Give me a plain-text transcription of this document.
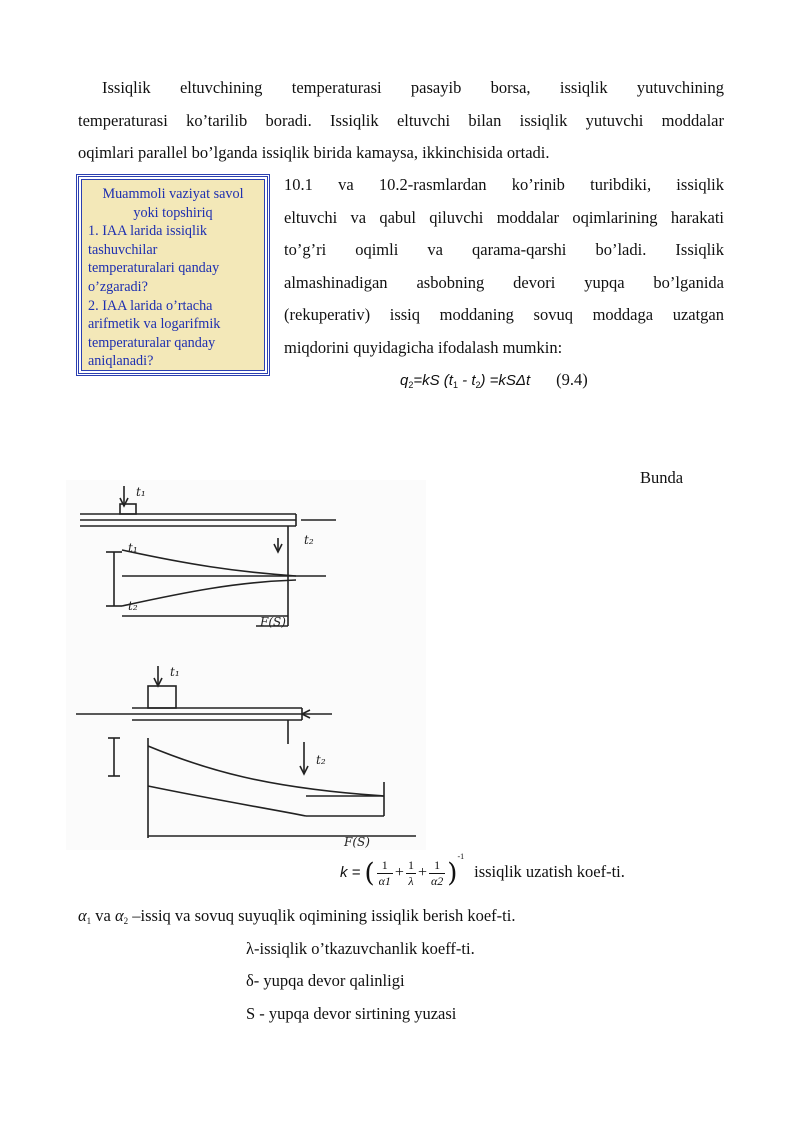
Issiqlik eltuvchining temperaturasi pasayib borsa, issiqlik yutuvchining
temperaturasi ko’tarilib boradi. Issiqlik eltuvchi bilan issiqlik yutuvchi moddalar
oqimlari parallel bo’lganda issiqlik birida kamaysa, ikkinchisida ortadi.
Muammoli vaziyat savol
yoki topshiriq
1. IAA larida issiqlik
tashuvchilar
temperaturalari qanday
o’zgaradi?
2. IAA larida o’rtacha
arifmetik va logarifmik
temperaturalar qanday
aniqlanadi?
10.1 va 10.2-rasmlardan ko’rinib turibdiki, issiqlik
eltuvchi va qabul qiluvchi moddalar oqimlarining harakati
to’g’ri oqimli va qarama-qarshi bo’ladi. Issiqlik
almashinadigan asbobning devori yupqa bo’lganida
(rekuperativ) issiq moddaning sovuq moddaga uzatgan
miqdorini quyidagicha ifodalash mumkin:
$q_2=kS$ $(t_1 - t_2) =kS\Delta t$ (9.4)
Bunda
t₁
t₂
t₁
t₂
F(S)
t₁
t₂
F(S)
k = ( $\frac{1}{\alpha 1} + \frac{1}{\lambda} + \frac{1}{\alpha 2} )^{-1}$ issiqlik uzatish koef-ti.
$\alpha_1$ va $\alpha_2$ –issiq va sovuq suyuqlik oqimining issiqlik berish koef-ti.
λ-issiqlik o’tkazuvchanlik koeff-ti.
δ- yupqa devor qalinligi
S - yupqa devor sirtining yuzasi
